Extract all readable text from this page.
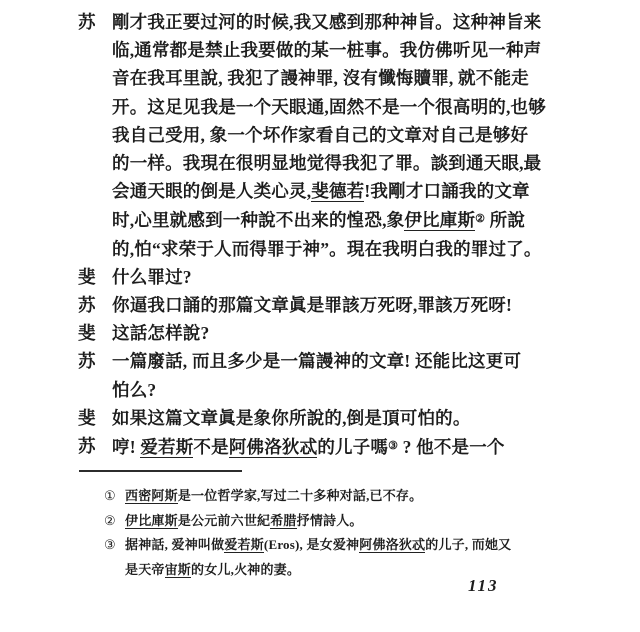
苏 剛才我正要过河的时候,我又感到那种神旨。这种神旨来
临,通常都是禁止我要做的某一桩事。我仿佛听见一种声
音在我耳里說, 我犯了謾神罪, 沒有懺悔贖罪, 就不能走
开。这足见我是一个天眼通,固然不是一个很高明的,也够
我自己受用, 象一个坏作家看自己的文章对自己是够好
的一样。我現在很明显地觉得我犯了罪。談到通天眼,最
会通天眼的倒是人类心灵,斐德若!我剛才口誦我的文章
时,心里就感到一种說不出来的惶恐,象伊比庫斯② 所說
的,怕“求荣于人而得罪于神”。現在我明白我的罪过了。
斐 什么罪过?
苏 你逼我口誦的那篇文章眞是罪該万死呀,罪該万死呀!
斐 这話怎样說?
苏 一篇廢話, 而且多少是一篇謾神的文章! 还能比这更可
怕么?
斐 如果这篇文章眞是象你所說的,倒是頂可怕的。
苏 哼! 爱若斯不是阿佛洛狄忒的儿子嗎③ ? 他不是一个
① 西密阿斯是一位哲学家,写过二十多种对話,已不存。
② 伊比庫斯是公元前六世紀希腊抒情詩人。
③ 据神話, 爱神叫做爱若斯(Eros), 是女爱神阿佛洛狄忒的儿子, 而她又
是天帝宙斯的女儿,火神的妻。
113
